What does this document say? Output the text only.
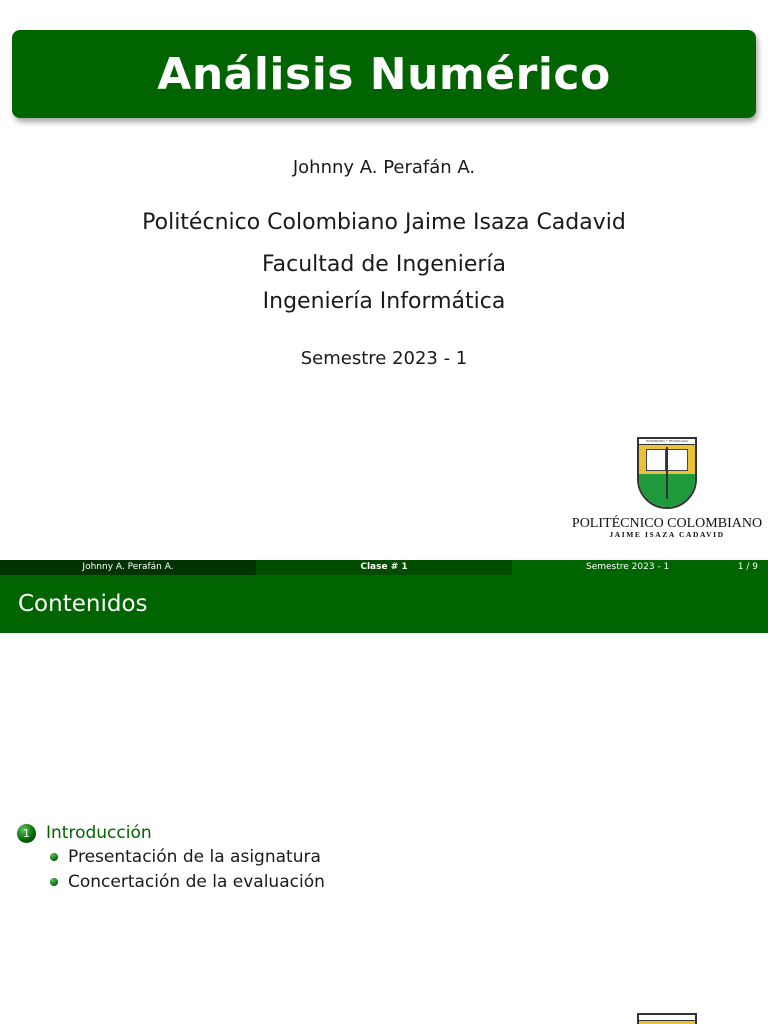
Análisis Numérico
Johnny A. Perafán A.
Politécnico Colombiano Jaime Isaza Cadavid
Facultad de Ingeniería
Ingeniería Informática
Semestre 2023 - 1
HUMANISMO Y TECNOLOGÍA
POLITÉCNICO COLOMBIANO
JAIME ISAZA CADAVID
Johnny A. Perafán A.	Clase # 1	Semestre 2023 - 1	1 / 9
Contenidos
1 Introducción
Presentación de la asignatura
Concertación de la evaluación
